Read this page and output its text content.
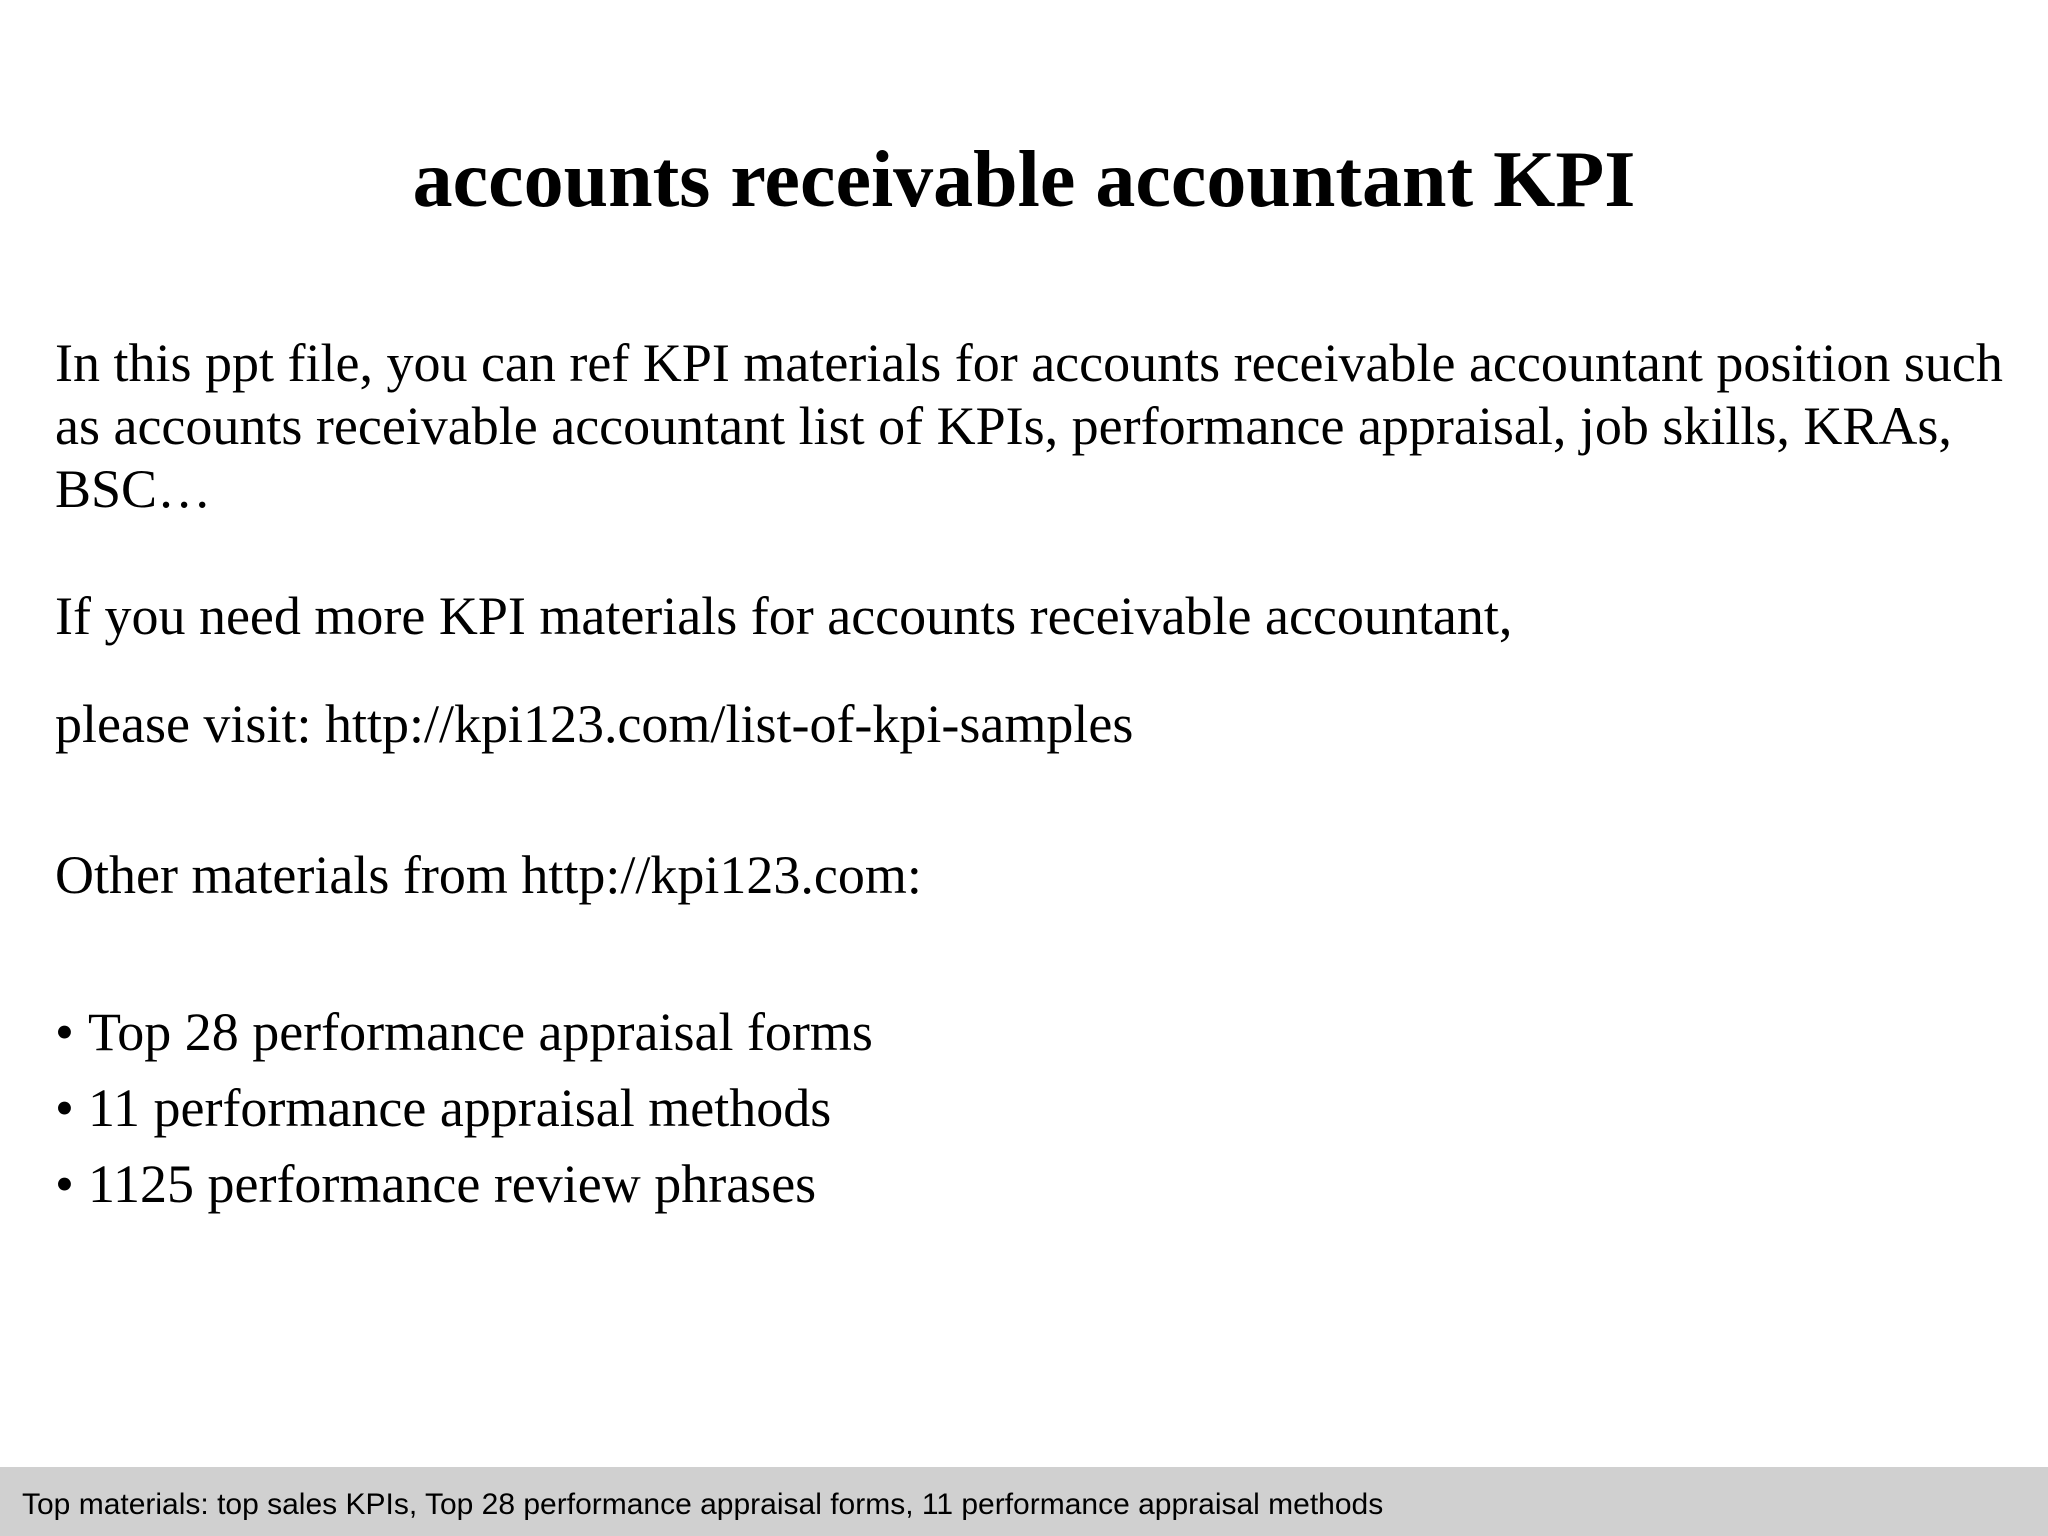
accounts receivable accountant KPI

In this ppt file, you can ref KPI materials for accounts receivable accountant position such as accounts receivable accountant list of KPIs, performance appraisal, job skills, KRAs, BSC…

If you need more KPI materials for accounts receivable accountant,

please visit: http://kpi123.com/list-of-kpi-samples

Other materials from http://kpi123.com:

• Top 28 performance appraisal forms
• 11 performance appraisal methods
• 1125 performance review phrases
Top materials: top sales KPIs, Top 28 performance appraisal forms, 11 performance appraisal methods
